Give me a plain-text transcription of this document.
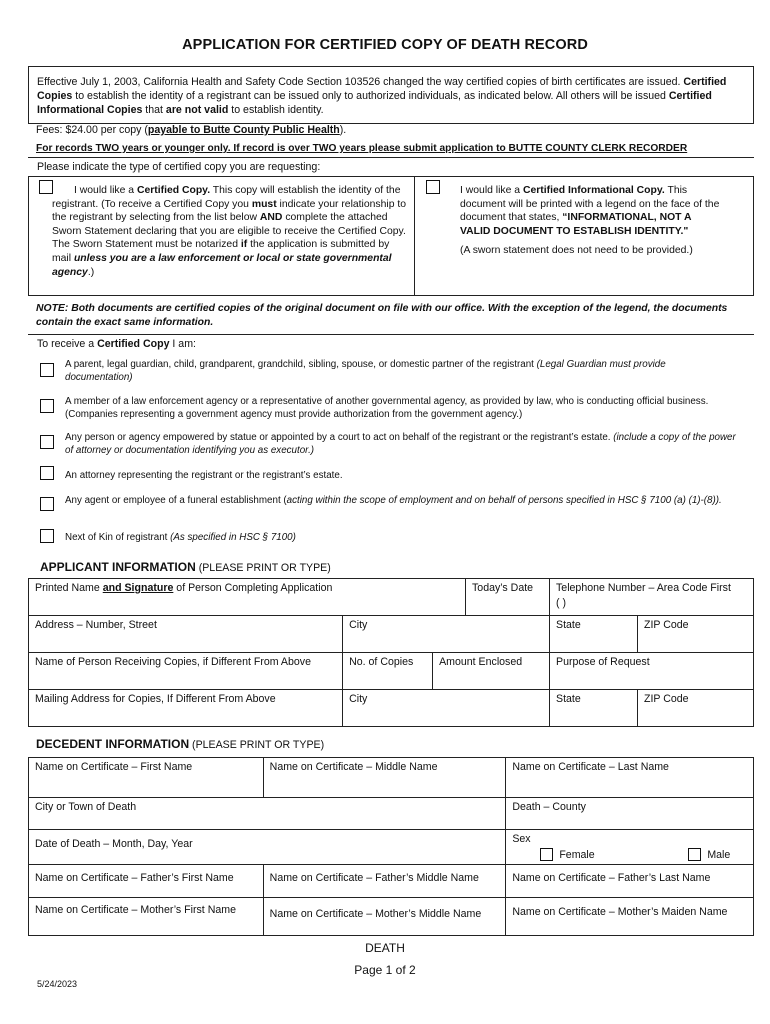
APPLICATION FOR CERTIFIED COPY OF DEATH RECORD
Effective July 1, 2003, California Health and Safety Code Section 103526 changed the way certified copies of birth certificates are issued. Certified Copies to establish the identity of a registrant can be issued only to authorized individuals, as indicated below. All others will be issued Certified Informational Copies that are not valid to establish identity.
Fees: $24.00 per copy (payable to Butte County Public Health).
For records TWO years or younger only. If record is over TWO years please submit application to BUTTE COUNTY CLERK RECORDER
Please indicate the type of certified copy you are requesting:
I would like a Certified Copy. This copy will establish the identity of the registrant. (To receive a Certified Copy you must indicate your relationship to the registrant by selecting from the list below AND complete the attached Sworn Statement declaring that you are eligible to receive the Certified Copy. The Sworn Statement must be notarized if the application is submitted by mail unless you are a law enforcement or local or state governmental agency.)
I would like a Certified Informational Copy. This document will be printed with a legend on the face of the document that states, “INFORMATIONAL, NOT A VALID DOCUMENT TO ESTABLISH IDENTITY."
(A sworn statement does not need to be provided.)
NOTE: Both documents are certified copies of the original document on file with our office. With the exception of the legend, the documents contain the exact same information.
To receive a Certified Copy I am:
A parent, legal guardian, child, grandparent, grandchild, sibling, spouse, or domestic partner of the registrant (Legal Guardian must provide documentation)
A member of a law enforcement agency or a representative of another governmental agency, as provided by law, who is conducting official business. (Companies representing a government agency must provide authorization from the government agency.)
Any person or agency empowered by statue or appointed by a court to act on behalf of the registrant or the registrant’s estate. (include a copy of the power of attorney or documentation identifying you as executor.)
An attorney representing the registrant or the registrant’s estate.
Any agent or employee of a funeral establishment (acting within the scope of employment and on behalf of persons specified in HSC § 7100 (a) (1)-(8)).
Next of Kin of registrant (As specified in HSC § 7100)
APPLICANT INFORMATION (PLEASE PRINT OR TYPE)
Printed Name and Signature of Person Completing Application			Today’s Date	Telephone Number – Area Code First
( )	

Address – Number, Street	City			State	ZIP Code
Name of Person Receiving Copies, if Different From Above	No. of Copies	Amount Enclosed		Purpose of Request	
Mailing Address for Copies, If Different From Above	City			State	ZIP Code
DECEDENT INFORMATION (PLEASE PRINT OR TYPE)
Name on Certificate – First Name	Name on Certificate – Middle Name	Name on Certificate – Last Name
City or Town of Death		Death – County
Date of Death – Month, Day, Year		Sex
Female Male

Name on Certificate – Father’s First Name	Name on Certificate – Father’s Middle Name	Name on Certificate – Father’s Last Name
Name on Certificate – Mother’s First Name	Name on Certificate – Mother’s Middle Name	Name on Certificate – Mother’s Maiden Name
DEATH
Page 1 of 2
5/24/2023
